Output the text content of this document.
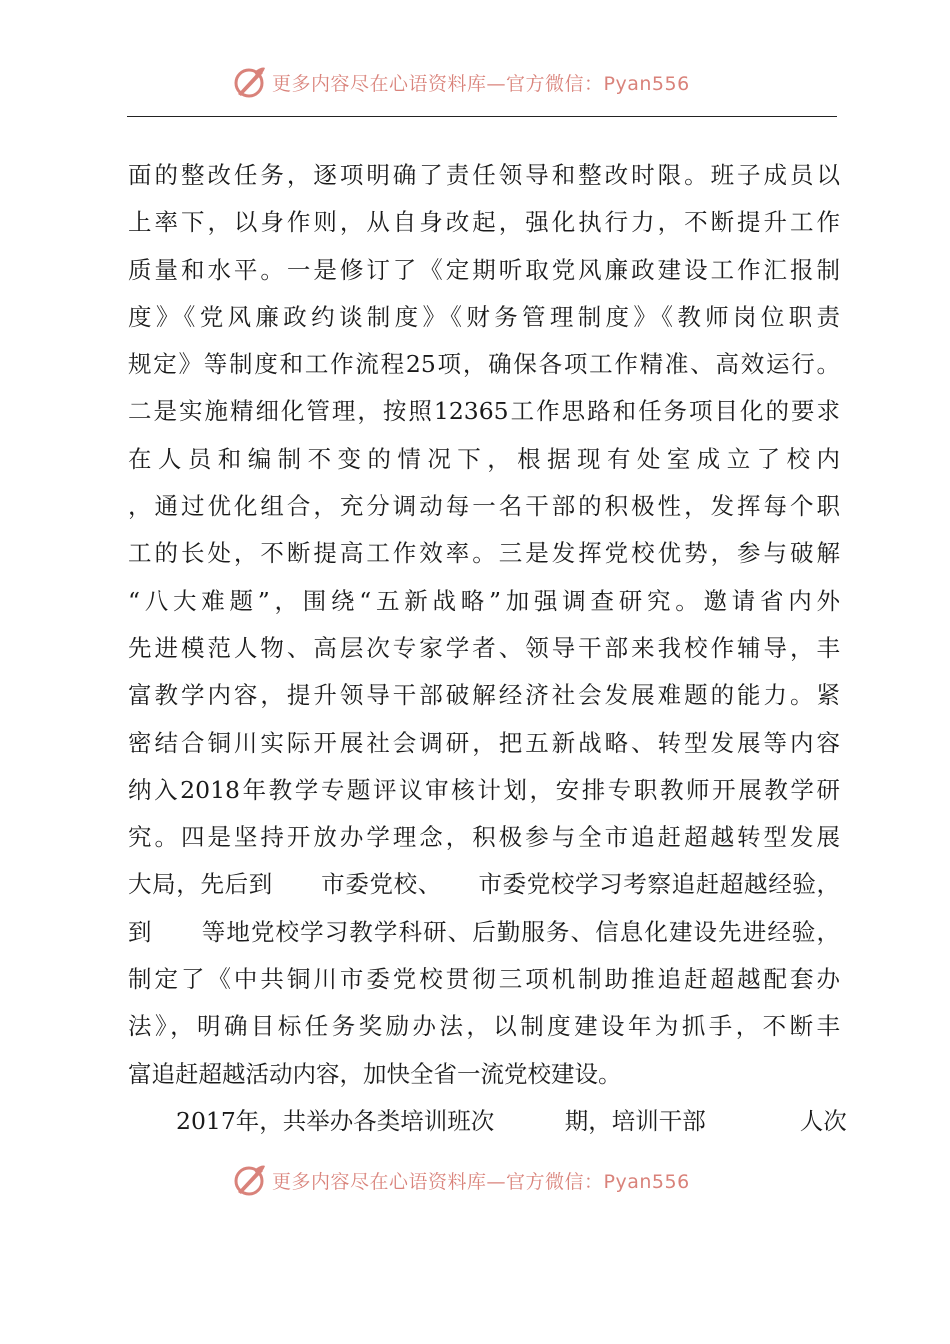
更多内容尽在心语资料库—官方微信：Pyan556
面的整改任务，逐项明确了责任领导和整改时限。班子成员以
上率下，以身作则，从自身改起，强化执行力，不断提升工作
质量和水平。一是修订了《定期听取党风廉政建设工作汇报制
度》《党风廉政约谈制度》《财务管理制度》《教师岗位职责
规定》等制度和工作流程25项，确保各项工作精准、高效运行。
二是实施精细化管理，按照12365工作思路和任务项目化的要求
在人员和编制不变的情况下，根据现有处室成立了校内
，通过优化组合，充分调动每一名干部的积极性，发挥每个职
工的长处，不断提高工作效率。三是发挥党校优势，参与破解
“八大难题”，围绕“五新战略”加强调查研究。邀请省内外
先进模范人物、高层次专家学者、领导干部来我校作辅导，丰
富教学内容，提升领导干部破解经济社会发展难题的能力。紧
密结合铜川实际开展社会调研，把五新战略、转型发展等内容
纳入2018年教学专题评议审核计划，安排专职教师开展教学研
究。四是坚持开放办学理念，积极参与全市追赶超越转型发展
大局，先后到　　市委党校、　　市委党校学习考察追赶超越经验，
到　　等地党校学习教学科研、后勤服务、信息化建设先进经验，
制定了《中共铜川市委党校贯彻三项机制助推追赶超越配套办
法》，明确目标任务奖励办法，以制度建设年为抓手，不断丰
富追赶超越活动内容，加快全省一流党校建设。
2017年，共举办各类培训班次　　　期，培训干部　　　　人次
更多内容尽在心语资料库—官方微信：Pyan556
